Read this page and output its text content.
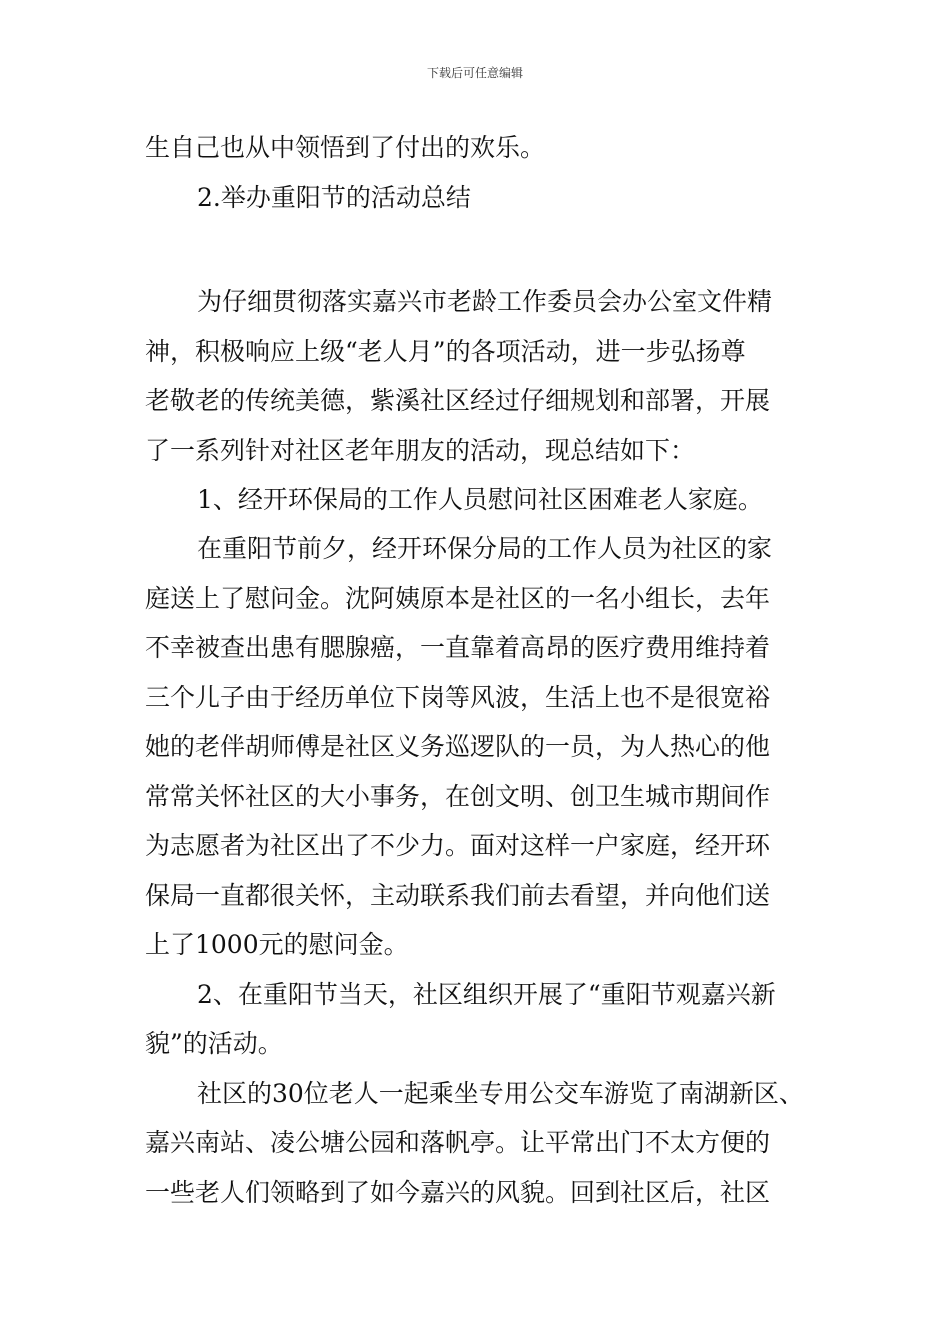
下载后可任意编辑
生自己也从中领悟到了付出的欢乐。
2.举办重阳节的活动总结
为仔细贯彻落实嘉兴市老龄工作委员会办公室文件精
神，积极响应上级“老人月”的各项活动，进一步弘扬尊
老敬老的传统美德，紫溪社区经过仔细规划和部署，开展
了一系列针对社区老年朋友的活动，现总结如下：
1、经开环保局的工作人员慰问社区困难老人家庭。
在重阳节前夕，经开环保分局的工作人员为社区的家
庭送上了慰问金。沈阿姨原本是社区的一名小组长，去年
不幸被查出患有腮腺癌，一直靠着高昂的医疗费用维持着
三个儿子由于经历单位下岗等风波，生活上也不是很宽裕
她的老伴胡师傅是社区义务巡逻队的一员，为人热心的他
常常关怀社区的大小事务，在创文明、创卫生城市期间作
为志愿者为社区出了不少力。面对这样一户家庭，经开环
保局一直都很关怀，主动联系我们前去看望，并向他们送
上了1000元的慰问金。
2、在重阳节当天，社区组织开展了“重阳节观嘉兴新
貌”的活动。
社区的30位老人一起乘坐专用公交车游览了南湖新区、
嘉兴南站、凌公塘公园和落帆亭。让平常出门不太方便的
一些老人们领略到了如今嘉兴的风貌。回到社区后，社区
